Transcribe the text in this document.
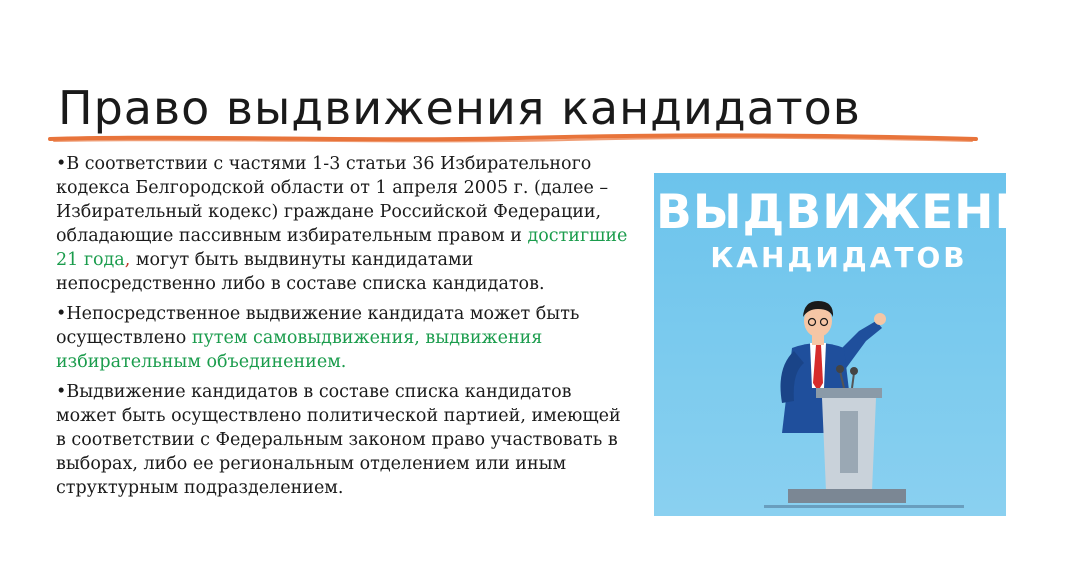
Право выдвижения кандидатов

•В соответствии с частями 1-3 статьи 36 Избирательного кодекса Белгородской области от 1 апреля 2005 г. (далее – Избирательный кодекс) граждане Российской Федерации, обладающие пассивным избирательным правом и достигшие 21 года, могут быть выдвинуты кандидатами непосредственно либо в составе списка кандидатов.

•Непосредственное выдвижение кандидата может быть осуществлено путем самовыдвижения, выдвижения избирательным объединением.

•Выдвижение кандидатов в составе списка кандидатов может быть осуществлено политической партией, имеющей в соответствии с Федеральным законом право участвовать в выборах, либо ее региональным отделением или иным структурным подразделением.

ВЫДВИЖЕНИЕ
КАНДИДАТОВ
